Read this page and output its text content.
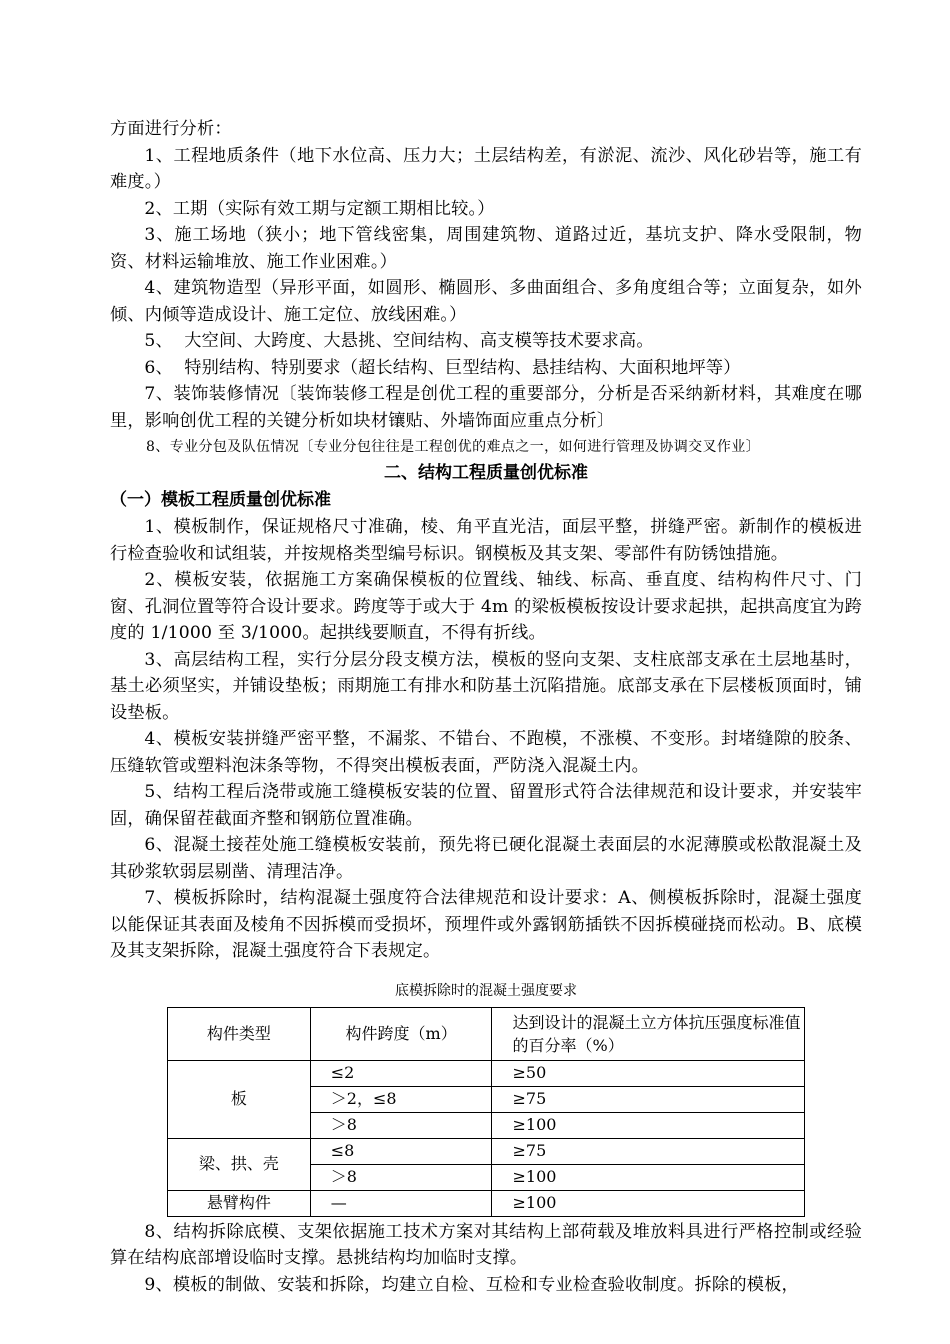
方面进行分析：

1、工程地质条件（地下水位高、压力大；土层结构差，有淤泥、流沙、风化砂岩等，施工有难度。）

2、工期（实际有效工期与定额工期相比较。）

3、施工场地（狭小；地下管线密集，周围建筑物、道路过近，基坑支护、降水受限制，物资、材料运输堆放、施工作业困难。）

4、建筑物造型（异形平面，如圆形、椭圆形、多曲面组合、多角度组合等；立面复杂，如外倾、内倾等造成设计、施工定位、放线困难。）

5、  大空间、大跨度、大悬挑、空间结构、高支模等技术要求高。

6、  特别结构、特别要求（超长结构、巨型结构、悬挂结构、大面积地坪等）

7、装饰装修情况〔装饰装修工程是创优工程的重要部分，分析是否采纳新材料，其难度在哪里，影响创优工程的关键分析如块材镶贴、外墙饰面应重点分析〕

8、专业分包及队伍情况〔专业分包往往是工程创优的难点之一，如何进行管理及协调交叉作业〕

二、结构工程质量创优标准
（一）模板工程质量创优标准

1、模板制作，保证规格尺寸准确，棱、角平直光洁，面层平整，拼缝严密。新制作的模板进行检查验收和试组装，并按规格类型编号标识。钢模板及其支架、零部件有防锈蚀措施。

2、模板安装，依据施工方案确保模板的位置线、轴线、标高、垂直度、结构构件尺寸、门窗、孔洞位置等符合设计要求。跨度等于或大于 4m 的梁板模板按设计要求起拱，起拱高度宜为跨度的 1/1000 至 3/1000。起拱线要顺直，不得有折线。

3、高层结构工程，实行分层分段支模方法，模板的竖向支架、支柱底部支承在土层地基时，基土必须坚实，并铺设垫板；雨期施工有排水和防基土沉陷措施。底部支承在下层楼板顶面时，铺设垫板。

4、模板安装拼缝严密平整，不漏浆、不错台、不跑模，不涨模、不变形。封堵缝隙的胶条、压缝软管或塑料泡沫条等物，不得突出模板表面，严防浇入混凝土内。

5、结构工程后浇带或施工缝模板安装的位置、留置形式符合法律规范和设计要求，并安装牢固，确保留茬截面齐整和钢筋位置准确。

6、混凝土接茬处施工缝模板安装前，预先将已硬化混凝土表面层的水泥薄膜或松散混凝土及其砂浆软弱层剔凿、清理洁净。

7、模板拆除时，结构混凝土强度符合法律规范和设计要求：A、侧模板拆除时，混凝土强度以能保证其表面及棱角不因拆模而受损坏，预埋件或外露钢筋插铁不因拆模碰挠而松动。B、底模及其支架拆除，混凝土强度符合下表规定。

底模拆除时的混凝土强度要求
构件类型	构件跨度（m）	达到设计的混凝土立方体抗压强度标准值的百分率（%）
板	≤2	≥50
	＞2，≤8	≥75
	＞8	≥100
梁、拱、壳	≤8	≥75
	＞8	≥100
悬臂构件	—	≥100

8、结构拆除底模、支架依据施工技术方案对其结构上部荷载及堆放料具进行严格控制或经验算在结构底部增设临时支撑。悬挑结构均加临时支撑。

9、模板的制做、安装和拆除，均建立自检、互检和专业检查验收制度。拆除的模板，
